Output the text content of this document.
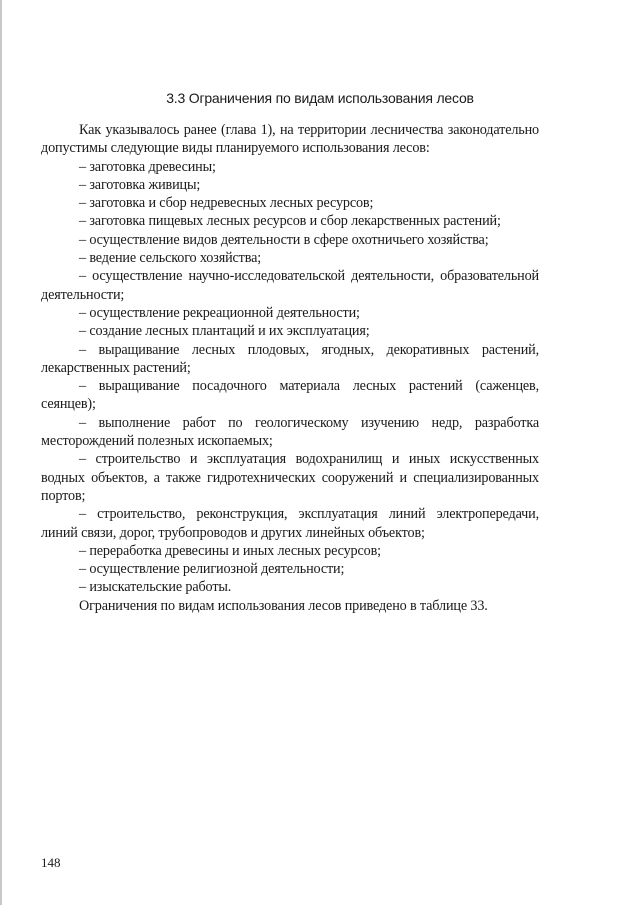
3.3 Ограничения по видам использования лесов

Как указывалось ранее (глава 1), на территории лесничества законодательно допустимы следующие виды планируемого использования лесов:

– заготовка древесины;

– заготовка живицы;

– заготовка и сбор недревесных лесных ресурсов;

– заготовка пищевых лесных ресурсов и сбор лекарственных растений;

– осуществление видов деятельности в сфере охотничьего хозяйства;

– ведение сельского хозяйства;

– осуществление научно-исследовательской деятельности, образовательной деятельности;

– осуществление рекреационной деятельности;

– создание лесных плантаций и их эксплуатация;

– выращивание лесных плодовых, ягодных, декоративных растений, лекарственных растений;

– выращивание посадочного материала лесных растений (саженцев, сеянцев);

– выполнение работ по геологическому изучению недр, разработка месторождений полезных ископаемых;

– строительство и эксплуатация водохранилищ и иных искусственных водных объектов, а также гидротехнических сооружений и специализированных портов;

– строительство, реконструкция, эксплуатация линий электропередачи, линий связи, дорог, трубопроводов и других линейных объектов;

– переработка древесины и иных лесных ресурсов;

– осуществление религиозной деятельности;

– изыскательские работы.

Ограничения по видам использования лесов приведено в таблице 33.

148
